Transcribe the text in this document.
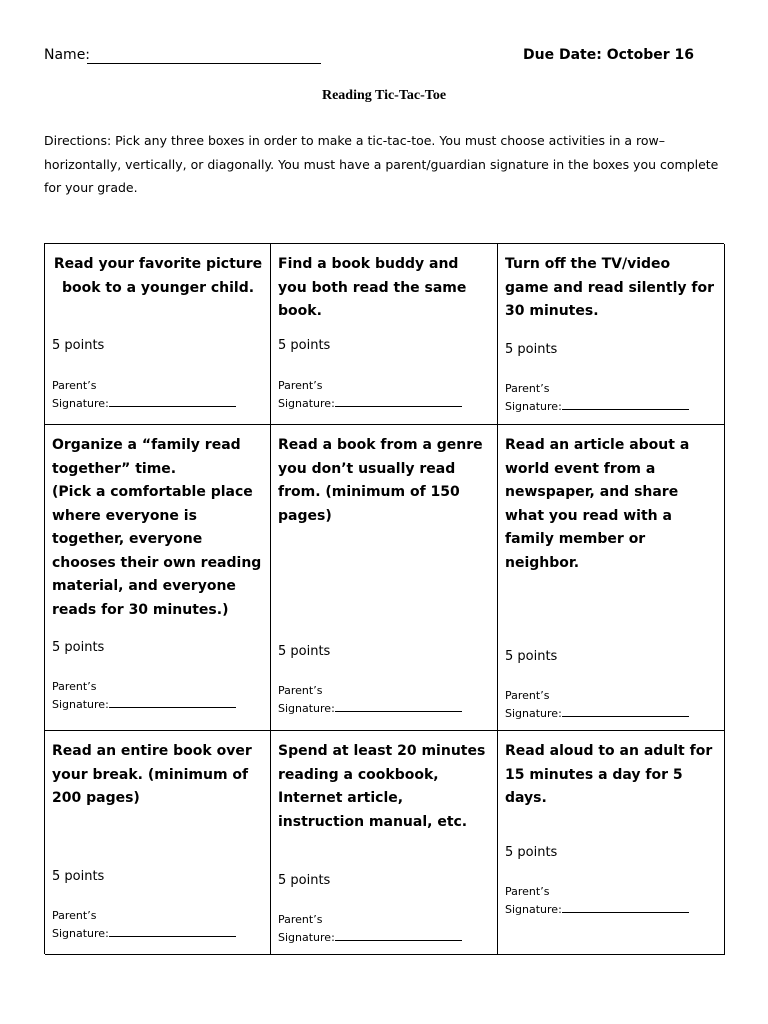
Name:	Due Date: October 16
Reading Tic-Tac-Toe
Directions: Pick any three boxes in order to make a tic-tac-toe. You must choose activities in a row– horizontally, vertically, or diagonally. You must have a parent/guardian signature in the boxes you complete for your grade.
Read your favorite picture book to a younger child.
5 points
Parent’s
Signature:
Find a book buddy and you both read the same book.
5 points
Parent’s
Signature:
Turn off the TV/video game and read silently for 30 minutes.
5 points
Parent’s
Signature:
Organize a “family read together” time.
(Pick a comfortable place where everyone is together, everyone chooses their own reading material, and everyone reads for 30 minutes.)
5 points
Parent’s
Signature:
Read a book from a genre you don’t usually read from. (minimum of 150 pages)
5 points
Parent’s
Signature:
Read an article about a world event from a newspaper, and share what you read with a family member or neighbor.
5 points
Parent’s
Signature:
Read an entire book over your break. (minimum of 200 pages)
5 points
Parent’s
Signature:
Spend at least 20 minutes reading a cookbook, Internet article, instruction manual, etc.
5 points
Parent’s
Signature:
Read aloud to an adult for 15 minutes a day for 5 days.
5 points
Parent’s
Signature:
